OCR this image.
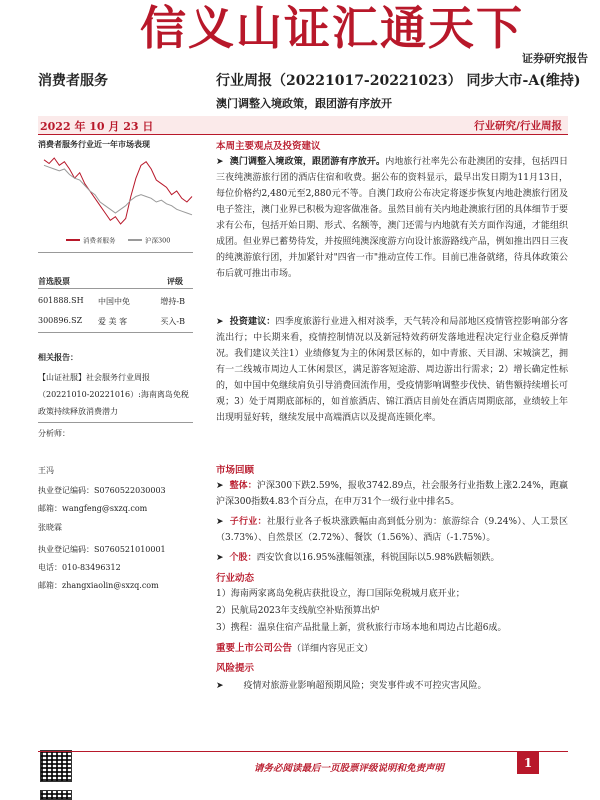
信义山证汇通天下
证券研究报告
消费者服务	行业周报（20221017-20221023） 同步大市-A(维持)
澳门调整入境政策，跟团游有序放开
2022 年 10 月 23 日	行业研究/行业周报
消费者服务行业近一年市场表现
消费者服务	沪深300
首选股票	评级
601888.SH 中国中免	增持-B
300896.SZ 爱 美 客	买入-B
相关报告：
【山证社服】社会服务行业周报（20221010-20221016）:海南离岛免税政策持续释放消费潜力
分析师：
王冯
执业登记编码：S0760522030003
邮箱：wangfeng@sxzq.com
张晓霖
执业登记编码：S0760521010001
电话：010-83496312
邮箱：zhangxiaolin@sxzq.com
本周主要观点及投资建议
➤ 澳门调整入境政策，跟团游有序放开。内地旅行社率先公布赴澳团的安排，包括四日三夜纯澳游旅行团的酒店住宿和收费。据公布的资料显示，最早出发日期为11月13日，每位价格约2,480元至2,880元不等。自澳门政府公布决定将逐步恢复内地赴澳旅行团及电子签注，澳门业界已积极为迎客做准备。虽然目前有关内地赴澳旅行团的具体细节于要求有公布，包括开始日期、形式、名额等，澳门还需与内地就有关方面作沟通，才能组织成团。但业界已蓄势待发，并按照纯澳深度游方向设计旅游路线产品，例如推出四日三夜的纯澳游旅行团，并加紧针对"四省一市"推动宣传工作。目前已准备就绪，待具体政策公布后就可推出市场。
➤ 投资建议：四季度旅游行业进入相对淡季，天气转冷和局部地区疫情管控影响部分客流出行；中长期来看，疫情控制情况以及新冠特效药研发落地进程决定行业企稳反弹情况。我们建议关注1）业绩修复为主的休闲景区标的，如中青旅、天目湖、宋城演艺，拥有一二线城市周边人工休闲景区，满足游客短途游、周边游出行需求；2）增长确定性标的，如中国中免继续肩负引导消费回流作用，受疫情影响调整步伐快、销售额持续增长可观；3）处于周期底部标的，如首旅酒店、锦江酒店目前处在酒店周期底部，业绩较上年出现明显好转，继续发展中高端酒店以及提高连锁化率。
市场回顾
➤ 整体：沪深300下跌2.59%，报收3742.89点，社会服务行业指数上涨2.24%，跑赢沪深300指数4.83个百分点，在申万31个一级行业中排名5。
➤ 子行业：社服行业各子板块涨跌幅由高到低分别为：旅游综合（9.24%）、人工景区（3.73%）、自然景区（2.72%）、餐饮（1.56%）、酒店（-1.75%）。
➤ 个股：西安饮食以16.95%涨幅领涨，科锐国际以5.98%跌幅领跌。
行业动态
1）海南两家离岛免税店获批设立，海口国际免税城月底开业；
2）民航局2023年支线航空补贴预算出炉
3）携程：温泉住宿产品批量上新，赏秋旅行市场本地和周边占比超6成。
重要上市公司公告（详细内容见正文）
风险提示
➤ 疫情对旅游业影响超预期风险；突发事件或不可控灾害风险。
请务必阅读最后一页股票评级说明和免责声明	1
